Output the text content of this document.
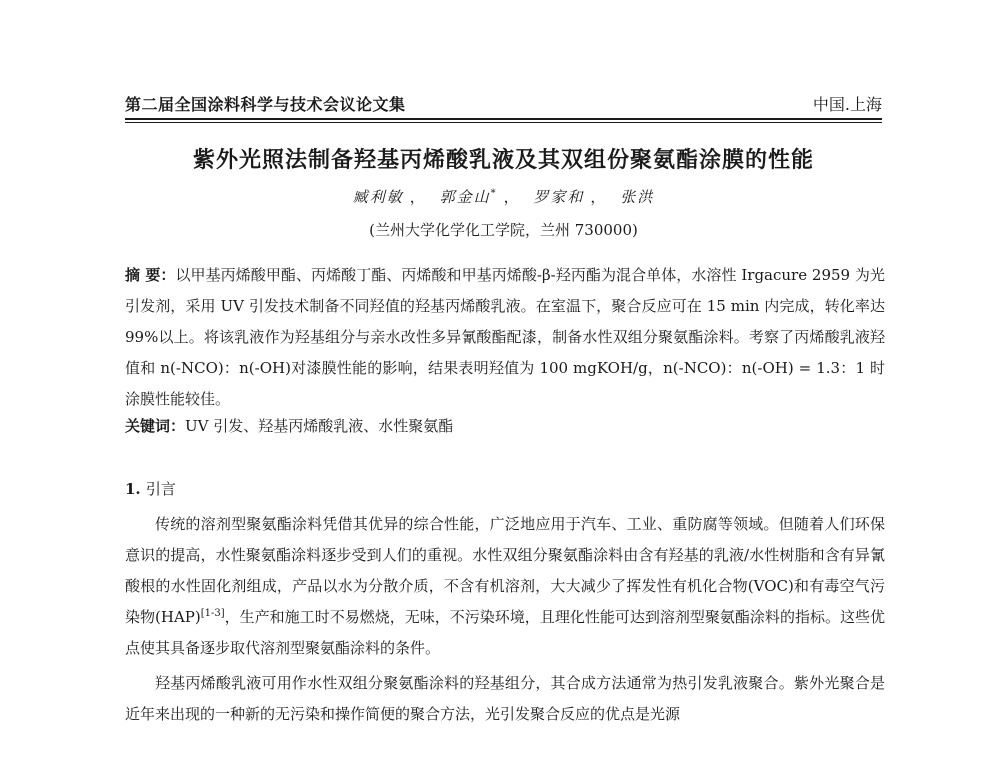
第二届全国涂料科学与技术会议论文集	中国.上海
紫外光照法制备羟基丙烯酸乳液及其双组份聚氨酯涂膜的性能
臧利敏 ， 郭金山* ， 罗家和 ， 张洪
(兰州大学化学化工学院，兰州 730000)
摘 要：以甲基丙烯酸甲酯、丙烯酸丁酯、丙烯酸和甲基丙烯酸-β-羟丙酯为混合单体，水溶性 Irgacure 2959 为光引发剂，采用 UV 引发技术制备不同羟值的羟基丙烯酸乳液。在室温下，聚合反应可在 15 min 内完成，转化率达 99%以上。将该乳液作为羟基组分与亲水改性多异氰酸酯配漆，制备水性双组分聚氨酯涂料。考察了丙烯酸乳液羟值和 n(-NCO)：n(-OH)对漆膜性能的影响，结果表明羟值为 100 mgKOH/g，n(-NCO)：n(-OH) = 1.3：1 时涂膜性能较佳。
关键词：UV 引发、羟基丙烯酸乳液、水性聚氨酯
1. 引言

传统的溶剂型聚氨酯涂料凭借其优异的综合性能，广泛地应用于汽车、工业、重防腐等领域。但随着人们环保意识的提高，水性聚氨酯涂料逐步受到人们的重视。水性双组分聚氨酯涂料由含有羟基的乳液/水性树脂和含有异氰酸根的水性固化剂组成，产品以水为分散介质，不含有机溶剂，大大减少了挥发性有机化合物(VOC)和有毒空气污染物(HAP)[1-3]，生产和施工时不易燃烧，无味，不污染环境，且理化性能可达到溶剂型聚氨酯涂料的指标。这些优点使其具备逐步取代溶剂型聚氨酯涂料的条件。

羟基丙烯酸乳液可用作水性双组分聚氨酯涂料的羟基组分，其合成方法通常为热引发乳液聚合。紫外光聚合是近年来出现的一种新的无污染和操作简便的聚合方法，光引发聚合反应的优点是光源
